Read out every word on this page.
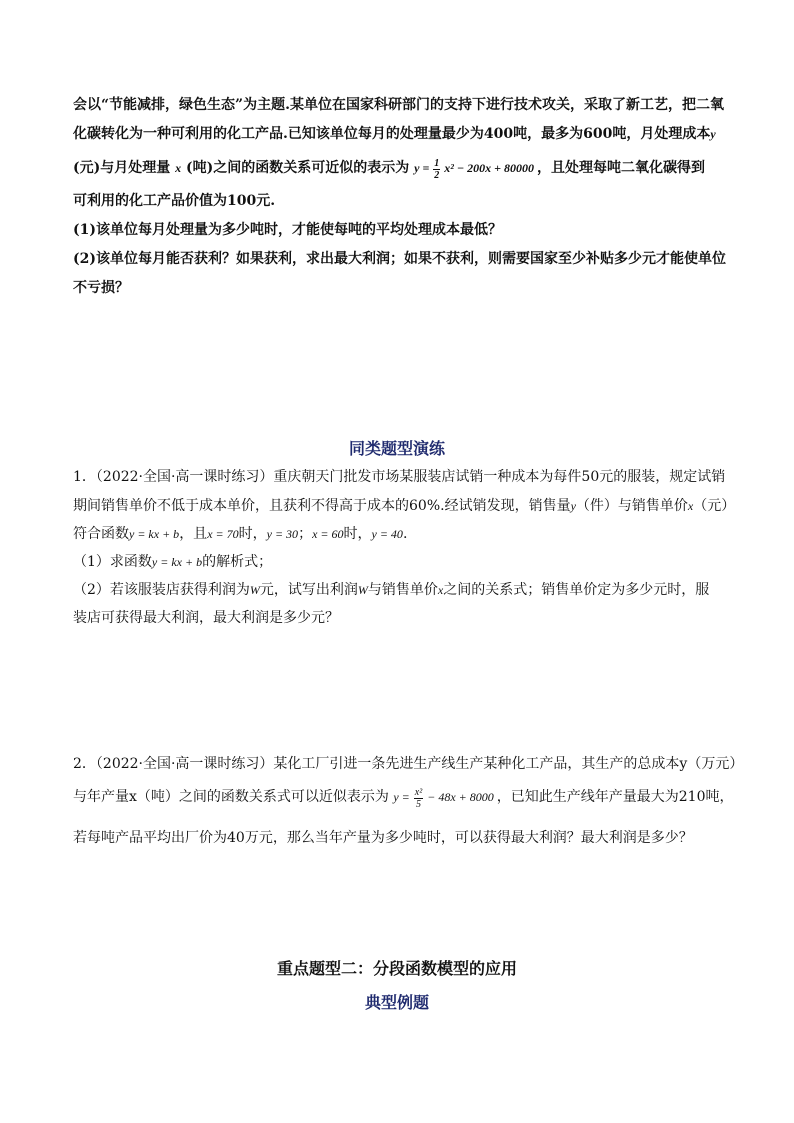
会以“节能减排，绿色生态”为主题.某单位在国家科研部门的支持下进行技术攻关，采取了新工艺，把二氧
化碳转化为一种可利用的化工产品.已知该单位每月的处理量最少为400吨，最多为600吨，月处理成本y
(元)与月处理量 x (吨)之间的函数关系可近似的表示为 $y = \frac{1}{2} x^2 - 200x + 80000$ ，且处理每吨二氧化碳得到
可利用的化工产品价值为100元.
(1)该单位每月处理量为多少吨时，才能使每吨的平均处理成本最低？
(2)该单位每月能否获利？如果获利，求出最大利润；如果不获利，则需要国家至少补贴多少元才能使单位
不亏损？
同类题型演练
1．（2022·全国·高一课时练习）重庆朝天门批发市场某服装店试销一种成本为每件50元的服装，规定试销
期间销售单价不低于成本单价，且获利不得高于成本的60%.经试销发现，销售量y（件）与销售单价x（元）
符合函数y = kx + b，且x = 70时，y = 30；x = 60时，y = 40.
（1）求函数y = kx + b的解析式；
（2）若该服装店获得利润为W元，试写出利润W与销售单价x之间的关系式；销售单价定为多少元时，服
装店可获得最大利润，最大利润是多少元？
2．（2022·全国·高一课时练习）某化工厂引进一条先进生产线生产某种化工产品，其生产的总成本y（万元）
与年产量x（吨）之间的函数关系式可以近似表示为 $y = \frac{\text{x²}}{5} - 48x + 8000$ ，已知此生产线年产量最大为210吨，
若每吨产品平均出厂价为40万元，那么当年产量为多少吨时，可以获得最大利润？最大利润是多少？
重点题型二：分段函数模型的应用
典型例题
